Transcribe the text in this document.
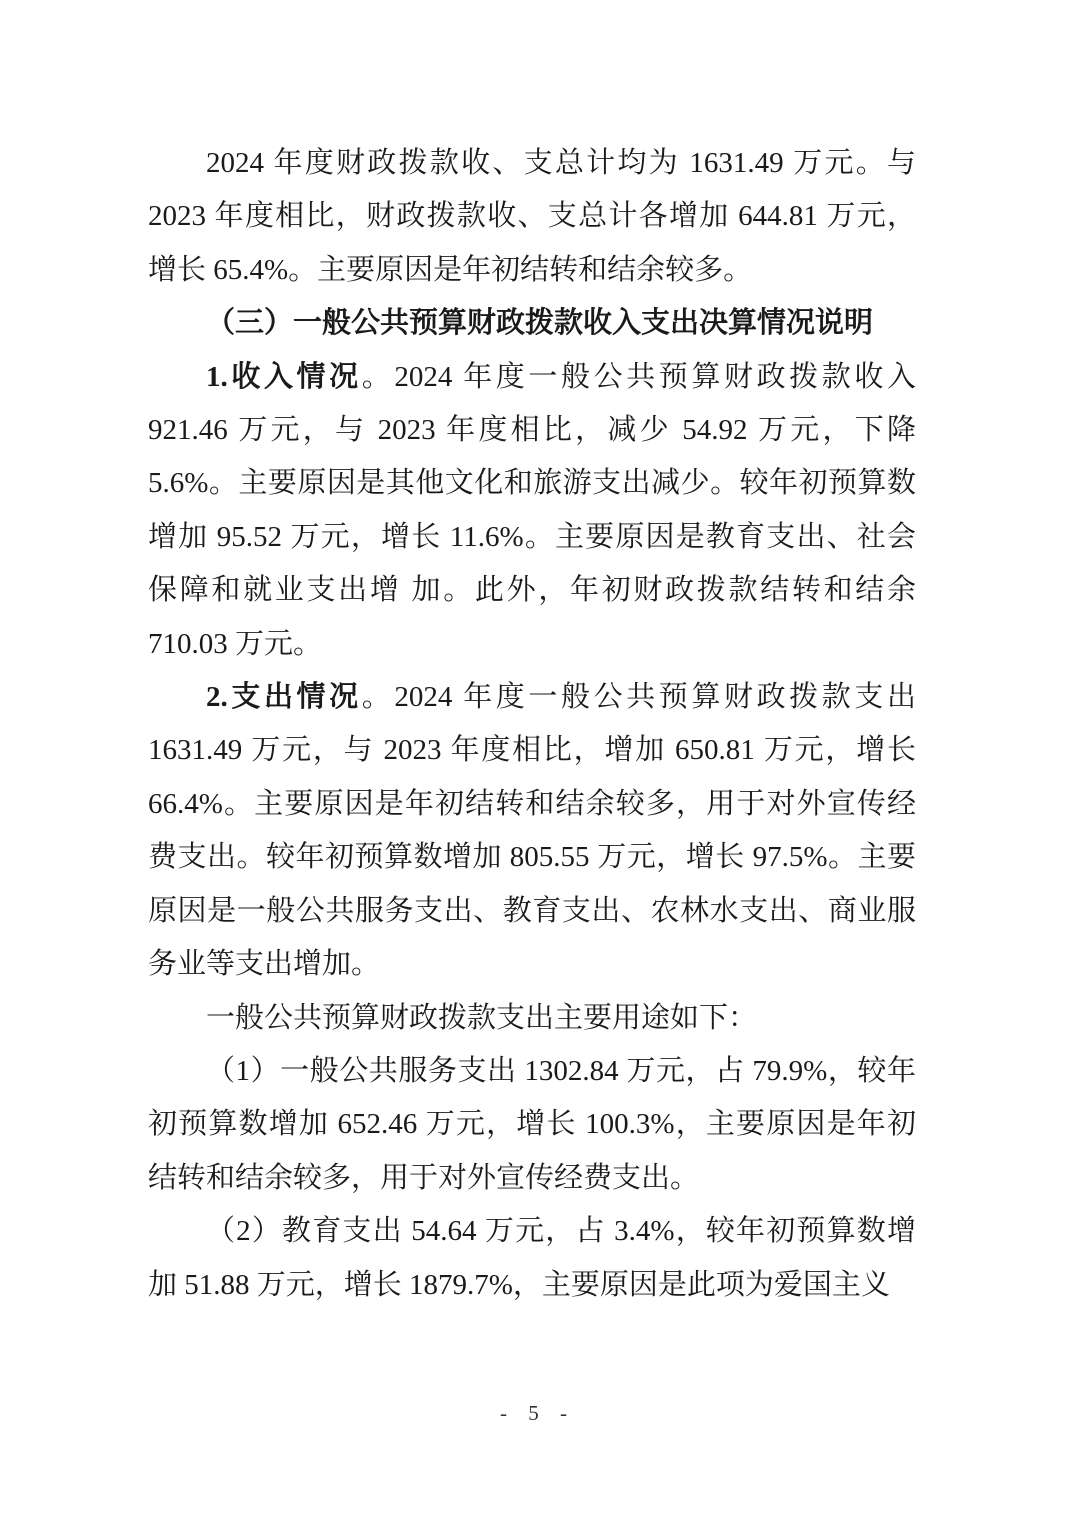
2024 年度财政拨款收、支总计均为 1631.49 万元。与 2023 年度相比，财政拨款收、支总计各增加 644.81 万元，增长 65.4%。主要原因是年初结转和结余较多。

（三）一般公共预算财政拨款收入支出决算情况说明

1.收入情况。2024 年度一般公共预算财政拨款收入 921.46 万元，与 2023 年度相比，减少 54.92 万元，下降 5.6%。主要原因是其他文化和旅游支出减少。较年初预算数增加 95.52 万元，增长 11.6%。主要原因是教育支出、社会保障和就业支出增 加。此外，年初财政拨款结转和结余 710.03 万元。

2.支出情况。2024 年度一般公共预算财政拨款支出 1631.49 万元，与 2023 年度相比，增加 650.81 万元，增长 66.4%。主要原因是年初结转和结余较多，用于对外宣传经费支出。较年初预算数增加 805.55 万元，增长 97.5%。主要原因是一般公共服务支出、教育支出、农林水支出、商业服务业等支出增加。

一般公共预算财政拨款支出主要用途如下：

（1）一般公共服务支出 1302.84 万元，占 79.9%，较年初预算数增加 652.46 万元，增长 100.3%，主要原因是年初结转和结余较多，用于对外宣传经费支出。

（2）教育支出 54.64 万元，占 3.4%，较年初预算数增加 51.88 万元，增长 1879.7%，主要原因是此项为爱国主义

- 5 -
